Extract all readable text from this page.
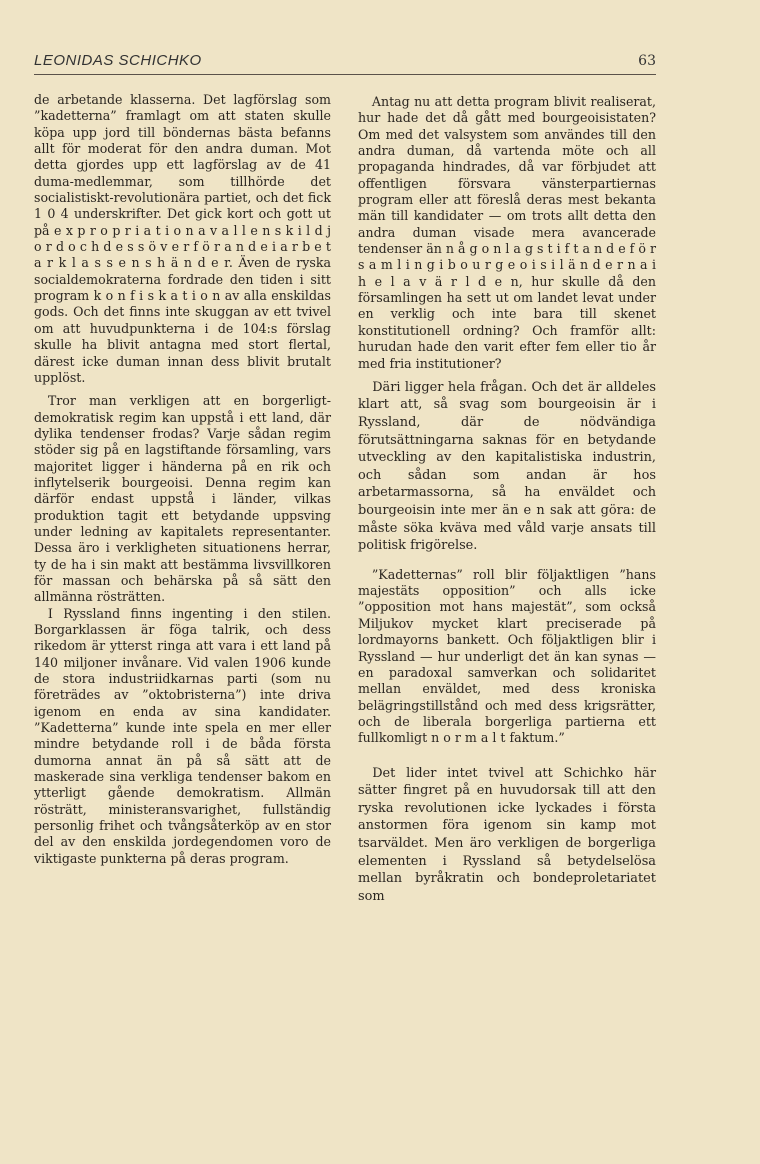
LEONIDAS SCHICHKO	63

de arbetande klasserna. Det lagförslag som ”kadetterna” framlagt om att staten skulle köpa upp jord till böndernas bästa befanns allt för moderat för den andra duman. Mot detta gjordes upp ett lagförslag av de 41 duma-medlemmar, som tillhörde det socialistiskt-revolutionära partiet, och det fick 1 0 4 underskrifter. Det gick kort och gott ut på e x p r o p r i a t i o n a v a l l e n s k i l d j o r d o c h d e s s ö v e r f ö r a n d e i a r b e t a r k l a s s e n s h ä n d e r. Även de ryska socialdemokraterna fordrade den tiden i sitt program k o n f i s k a t i o n av alla enskildas gods. Och det finns inte skuggan av ett tvivel om att huvudpunkterna i de 104:s förslag skulle ha blivit antagna med stort flertal, därest icke duman innan dess blivit brutalt upplöst.

Tror man verkligen att en borgerligt-demokratisk regim kan uppstå i ett land, där dylika tendenser frodas? Varje sådan regim stöder sig på en lagstiftande församling, vars majoritet ligger i händerna på en rik och inflytelserik bourgeoisi. Denna regim kan därför endast uppstå i länder, vilkas produktion tagit ett betydande uppsving under ledning av kapitalets representanter. Dessa äro i verkligheten situationens herrar, ty de ha i sin makt att bestämma livsvillkoren för massan och behärska på så sätt den allmänna rösträtten.

I Ryssland finns ingenting i den stilen. Borgarklassen är föga talrik, och dess rikedom är ytterst ringa att vara i ett land på 140 miljoner invånare. Vid valen 1906 kunde de stora industriidkarnas parti (som nu företrädes av ”oktobristerna”) inte driva igenom en enda av sina kandidater. ”Kadetterna” kunde inte spela en mer eller mindre betydande roll i de båda första dumorna annat än på så sätt att de maskerade sina verkliga tendenser bakom en ytterligt gående demokratism. Allmän rösträtt, ministeransvarighet, fullständig personlig frihet och tvångsåterköp av en stor del av den enskilda jordegendomen voro de viktigaste punkterna på deras program.

Antag nu att detta program blivit realiserat, hur hade det då gått med bourgeoisistaten? Om med det valsystem som användes till den andra duman, då vartenda möte och all propaganda hindrades, då var förbjudet att offentligen försvara vänsterpartiernas program eller att föreslå deras mest bekanta män till kandidater — om trots allt detta den andra duman visade mera avancerade tendenser än n å g o n l a g s t i f t a n d e f ö r s a m l i n g i b o u r g e o i s i l ä n d e r n a i h e l a v ä r l d e n, hur skulle då den församlingen ha sett ut om landet levat under en verklig och inte bara till skenet konstitutionell ordning? Och framför allt: hurudan hade den varit efter fem eller tio år med fria institutioner?

Däri ligger hela frågan. Och det är alldeles klart att, så svag som bourgeoisin är i Ryssland, där de nödvändiga förutsättningarna saknas för en betydande utveckling av den kapitalistiska industrin, och sådan som andan är hos arbetarmassorna, så ha enväldet och bourgeoisin inte mer än e n sak att göra: de måste söka kväva med våld varje ansats till politisk frigörelse.

”Kadetternas” roll blir följaktligen ”hans majestäts opposition” och alls icke ”opposition mot hans majestät”, som också Miljukov mycket klart preciserade på lordmayorns bankett. Och följaktligen blir i Ryssland — hur underligt det än kan synas — en paradoxal samverkan och solidaritet mellan enväldet, med dess kroniska belägringstillstånd och med dess krigsrätter, och de liberala borgerliga partierna ett fullkomligt n o r m a l t faktum.”

Det lider intet tvivel att Schichko här sätter fingret på en huvudorsak till att den ryska revolutionen icke lyckades i första anstormen föra igenom sin kamp mot tsarväldet. Men äro verkligen de borgerliga elementen i Ryssland så betydelselösa mellan byråkratin och bondeproletariatet som
